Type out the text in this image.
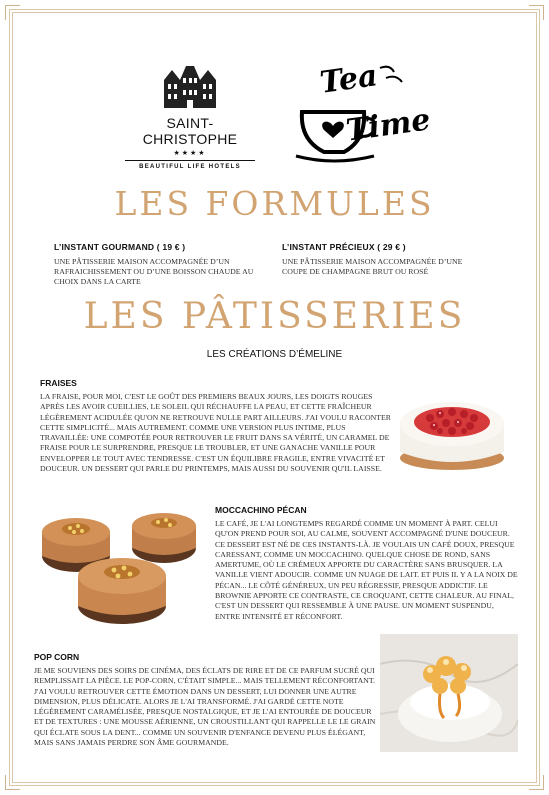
SAINT-CHRISTOPHE
★★★★
BEAUTIFUL LIFE HOTELS
Tea
Time
LES FORMULES
L’INSTANT GOURMAND ( 19 € )
UNE PÂTISSERIE MAISON ACCOMPAGNÉE D’UN RAFRAICHISSEMENT OU D’UNE BOISSON CHAUDE AU CHOIX DANS LA CARTE
L’INSTANT PRÉCIEUX ( 29 € )
UNE PÂTISSERIE MAISON ACCOMPAGNÉE D’UNE COUPE DE CHAMPAGNE BRUT OU ROSÉ
LES PÂTISSERIES
LES CRÉATIONS D’ÉMELINE
FRAISES
LA FRAISE, POUR MOI, C'EST LE GOÛT DES PREMIERS BEAUX JOURS, LES DOIGTS ROUGES APRÈS LES AVOIR CUEILLIES, LE SOLEIL QUI RÉCHAUFFE LA PEAU, ET CETTE FRAÎCHEUR LÉGÈREMENT ACIDULÉE QU'ON NE RETROUVE NULLE PART AILLEURS. J'AI VOULU RACONTER CETTE SIMPLICITÉ... MAIS AUTREMENT. COMME UNE VERSION PLUS INTIME, PLUS TRAVAILLÉE: UNE COMPOTÉE POUR RETROUVER LE FRUIT DANS SA VÉRITÉ, UN CARAMEL DE FRAISE POUR LE SURPRENDRE, PRESQUE LE TROUBLER, ET UNE GANACHE VANILLE POUR ENVELOPPER LE TOUT AVEC TENDRESSE. C'EST UN ÉQUILIBRE FRAGILE, ENTRE VIVACITÉ ET DOUCEUR. UN DESSERT QUI PARLE DU PRINTEMPS, MAIS AUSSI DU SOUVENIR QU'IL LAISSE.
MOCCACHINO PÉCAN
LE CAFÉ, JE L'AI LONGTEMPS REGARDÉ COMME UN MOMENT À PART. CELUI QU'ON PREND POUR SOI, AU CALME, SOUVENT ACCOMPAGNÉ D'UNE DOUCEUR. CE DESSERT EST NÉ DE CES INSTANTS-LÀ. JE VOULAIS UN CAFÉ DOUX, PRESQUE CARESSANT, COMME UN MOCCACHINO. QUELQUE CHOSE DE ROND, SANS AMERTUME, OÙ LE CRÉMEUX APPORTE DU CARACTÈRE SANS BRUSQUER. LA VANILLE VIENT ADOUCIR. COMME UN NUAGE DE LAIT. ET PUIS IL Y A LA NOIX DE PÉCAN... LE CÔTÉ GÉNÉREUX, UN PEU RÉGRESSIF, PRESQUE ADDICTIF. LE BROWNIE APPORTE CE CONTRASTE, CE CROQUANT, CETTE CHALEUR. AU FINAL, C'EST UN DESSERT QUI RESSEMBLE À UNE PAUSE. UN MOMENT SUSPENDU, ENTRE INTENSITÉ ET RÉCONFORT.
POP CORN
JE ME SOUVIENS DES SOIRS DE CINÉMA, DES ÉCLATS DE RIRE ET DE CE PARFUM SUCRÉ QUI REMPLISSAIT LA PIÈCE. LE POP-CORN, C'ÉTAIT SIMPLE... MAIS TELLEMENT RÉCONFORTANT. J'AI VOULU RETROUVER CETTE ÉMOTION DANS UN DESSERT, LUI DONNER UNE AUTRE DIMENSION, PLUS DÉLICATE. ALORS JE L'AI TRANSFORMÉ. J'AI GARDÉ CETTE NOTE LÉGÈREMENT CARAMÉLISÉE, PRESQUE NOSTALGIQUE, ET JE L'AI ENTOURÉE DE DOUCEUR ET DE TEXTURES : UNE MOUSSE AÉRIENNE, UN CROUSTILLANT QUI RAPPELLE LE LE GRAIN QUI ÉCLATE SOUS LA DENT... COMME UN SOUVENIR D'ENFANCE DEVENU PLUS ÉLÉGANT, MAIS SANS JAMAIS PERDRE SON ÂME GOURMANDE.
